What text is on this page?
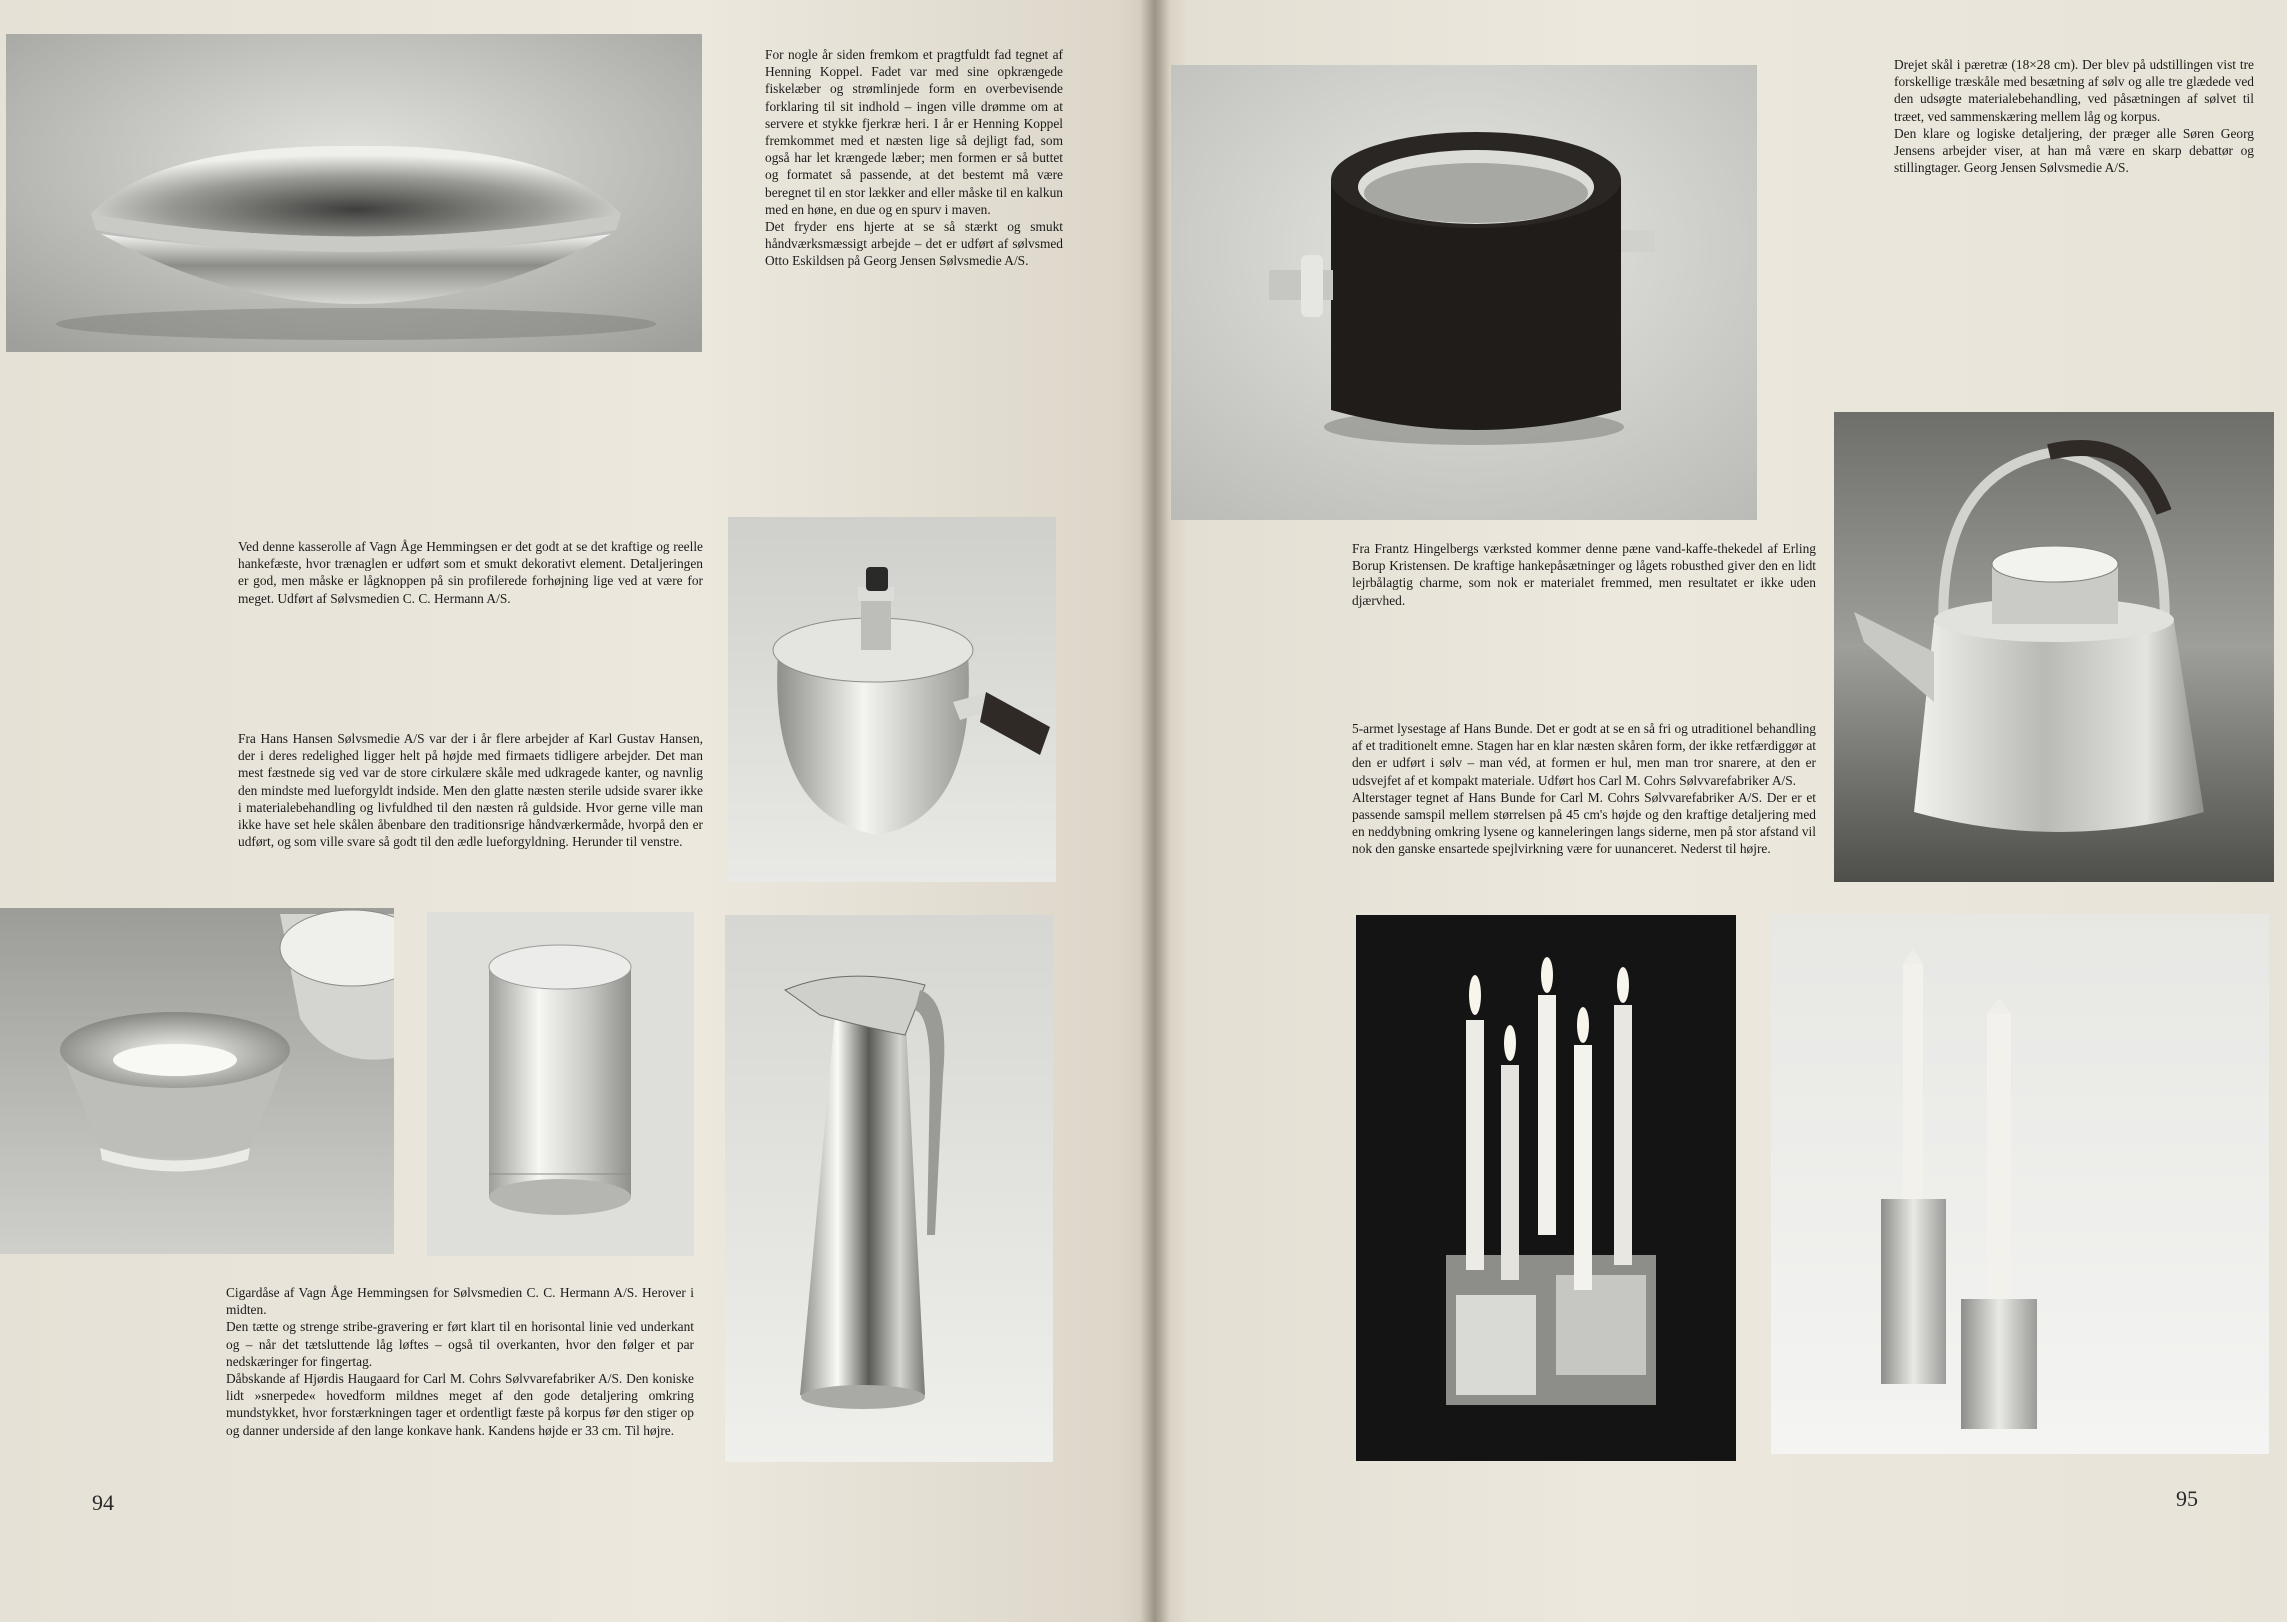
For nogle år siden fremkom et pragtfuldt fad tegnet af Henning Koppel. Fadet var med sine opkrængede fiskelæber og strømlinjede form en overbevisende forklaring til sit indhold – ingen ville drømme om at servere et stykke fjerkræ heri. I år er Henning Koppel fremkommet med et næsten lige så dejligt fad, som også har let krængede læber; men formen er så buttet og formatet så passende, at det bestemt må være beregnet til en stor lækker and eller måske til en kalkun med en høne, en due og en spurv i maven.

Det fryder ens hjerte at se så stærkt og smukt håndværksmæssigt arbejde – det er udført af sølvsmed Otto Eskildsen på Georg Jensen Sølvsmedie A/S.

Ved denne kasserolle af Vagn Åge Hemmingsen er det godt at se det kraftige og reelle hankefæste, hvor trænaglen er udført som et smukt dekorativt element. Detaljeringen er god, men måske er lågknoppen på sin profilerede forhøjning lige ved at være for meget. Udført af Sølvsmedien C. C. Hermann A/S.

Fra Hans Hansen Sølvsmedie A/S var der i år flere arbejder af Karl Gustav Hansen, der i deres redelighed ligger helt på højde med firmaets tidligere arbejder. Det man mest fæstnede sig ved var de store cirkulære skåle med udkragede kanter, og navnlig den mindste med lueforgyldt indside. Men den glatte næsten sterile udside svarer ikke i materialebehandling og livfuldhed til den næsten rå guldside. Hvor gerne ville man ikke have set hele skålen åbenbare den traditionsrige håndværkermåde, hvorpå den er udført, og som ville svare så godt til den ædle lueforgyldning. Herunder til venstre.

Cigardåse af Vagn Åge Hemmingsen for Sølvsmedien C. C. Hermann A/S. Herover i midten.

Den tætte og strenge stribe-gravering er ført klart til en horisontal linie ved underkant og – når det tætsluttende låg løftes – også til overkanten, hvor den følger et par nedskæringer for fingertag.

Dåbskande af Hjørdis Haugaard for Carl M. Cohrs Sølvvarefabriker A/S. Den koniske lidt »snerpede« hovedform mildnes meget af den gode detaljering omkring mundstykket, hvor forstærkningen tager et ordentligt fæste på korpus før den stiger op og danner underside af den lange konkave hank. Kandens højde er 33 cm. Til højre.

94

Drejet skål i pæretræ (18×28 cm). Der blev på udstillingen vist tre forskellige træskåle med besætning af sølv og alle tre glædede ved den udsøgte materialebehandling, ved påsætningen af sølvet til træet, ved sammenskæring mellem låg og korpus.

Den klare og logiske detaljering, der præger alle Søren Georg Jensens arbejder viser, at han må være en skarp debattør og stillingtager. Georg Jensen Sølvsmedie A/S.

Fra Frantz Hingelbergs værksted kommer denne pæne vand-kaffe-thekedel af Erling Borup Kristensen. De kraftige hankepåsætninger og lågets robusthed giver den en lidt lejrbålagtig charme, som nok er materialet fremmed, men resultatet er ikke uden djærvhed.

5-armet lysestage af Hans Bunde. Det er godt at se en så fri og utraditionel behandling af et traditionelt emne. Stagen har en klar næsten skåren form, der ikke retfærdiggør at den er udført i sølv – man véd, at formen er hul, men man tror snarere, at den er udsvejfet af et kompakt materiale. Udført hos Carl M. Cohrs Sølvvarefabriker A/S.

Alterstager tegnet af Hans Bunde for Carl M. Cohrs Sølvvarefabriker A/S. Der er et passende samspil mellem størrelsen på 45 cm's højde og den kraftige detaljering med en neddybning omkring lysene og kanneleringen langs siderne, men på stor afstand vil nok den ganske ensartede spejlvirkning være for uunanceret. Nederst til højre.

95
